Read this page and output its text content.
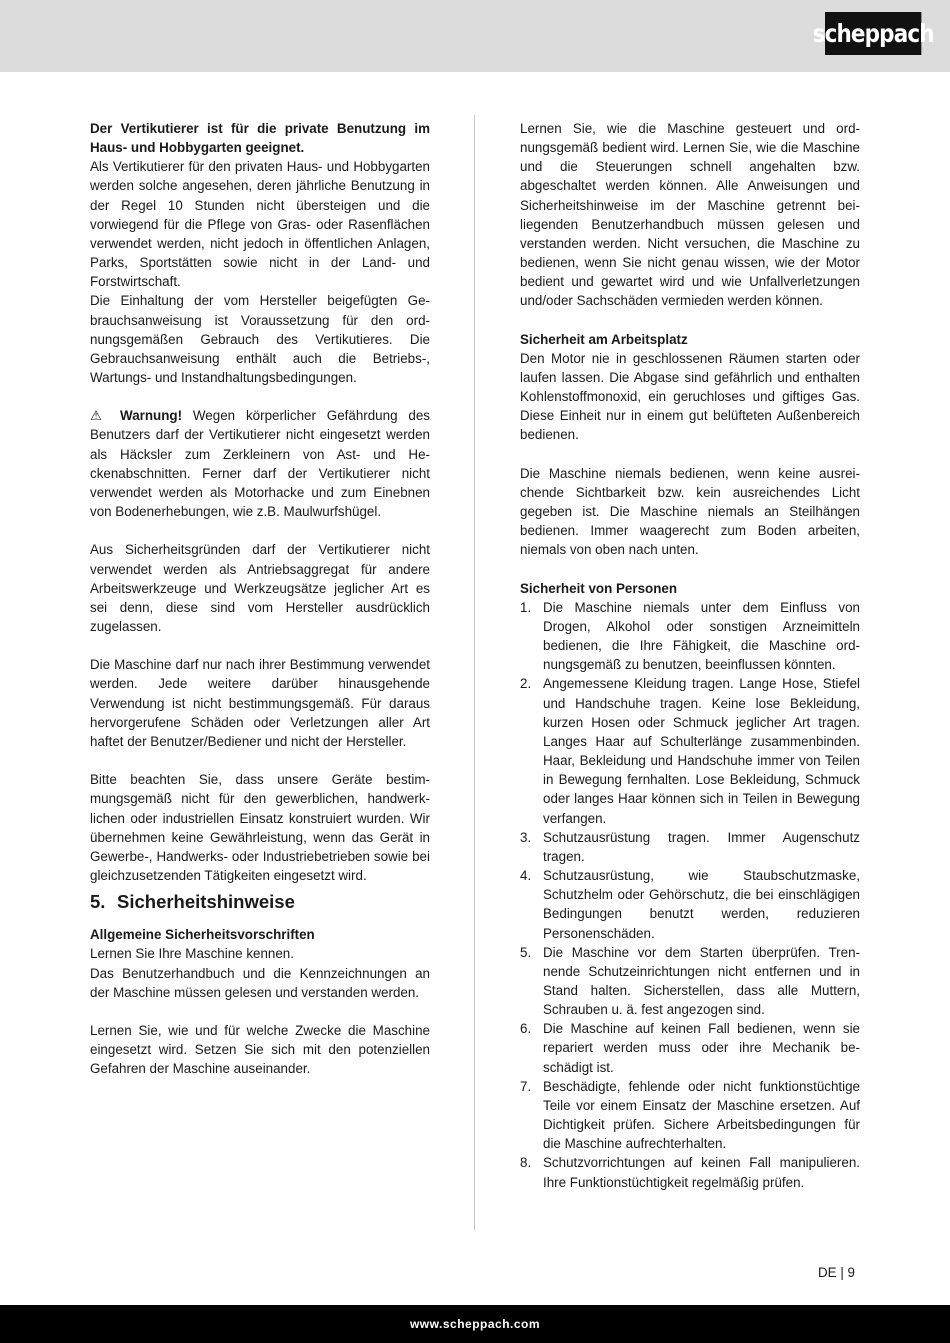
scheppach

Der Vertikutierer ist für die private Benutzung im Haus- und Hobbygarten geeignet.

Als Vertikutierer für den privaten Haus- und Hobbygarten werden solche angesehen, deren jährliche Benutzung in der Regel 10 Stunden nicht übersteigen und die vorwiegend für die Pflege von Gras- oder Rasenflächen verwendet werden, nicht jedoch in öffentlichen Anlagen, Parks, Sportstätten sowie nicht in der Land- und Forstwirtschaft.

Die Einhaltung der vom Hersteller beigefügten Gebrauchsanweisung ist Voraussetzung für den ordnungsgemäßen Gebrauch des Vertikutieres. Die Gebrauchsanweisung enthält auch die Betriebs-, Wartungs- und Instandhaltungsbedingungen.

⚠ Warnung! Wegen körperlicher Gefährdung des Benutzers darf der Vertikutierer nicht eingesetzt werden als Häcksler zum Zerkleinern von Ast- und Heckenabschnitten. Ferner darf der Vertikutierer nicht verwendet werden als Motorhacke und zum Einebnen von Bodenerhebungen, wie z.B. Maulwurfshügel.

Aus Sicherheitsgründen darf der Vertikutierer nicht verwendet werden als Antriebsaggregat für andere Arbeitswerkzeuge und Werkzeugsätze jeglicher Art es sei denn, diese sind vom Hersteller ausdrücklich zugelassen.

Die Maschine darf nur nach ihrer Bestimmung verwendet werden. Jede weitere darüber hinausgehende Verwendung ist nicht bestimmungsgemäß. Für daraus hervorgerufene Schäden oder Verletzungen aller Art haftet der Benutzer/Bediener und nicht der Hersteller.

Bitte beachten Sie, dass unsere Geräte bestimmungsgemäß nicht für den gewerblichen, handwerklichen oder industriellen Einsatz konstruiert wurden. Wir übernehmen keine Gewährleistung, wenn das Gerät in Gewerbe-, Handwerks- oder Industriebetrieben sowie bei gleichzusetzenden Tätigkeiten eingesetzt wird.

5. Sicherheitshinweise

Allgemeine Sicherheitsvorschriften

Lernen Sie Ihre Maschine kennen.

Das Benutzerhandbuch und die Kennzeichnungen an der Maschine müssen gelesen und verstanden werden.

Lernen Sie, wie und für welche Zwecke die Maschine eingesetzt wird. Setzen Sie sich mit den potenziellen Gefahren der Maschine auseinander.

Lernen Sie, wie die Maschine gesteuert und ordnungsgemäß bedient wird. Lernen Sie, wie die Maschine und die Steuerungen schnell angehalten bzw. abgeschaltet werden können. Alle Anweisungen und Sicherheitshinweise im der Maschine getrennt beiliegenden Benutzerhandbuch müssen gelesen und verstanden werden. Nicht versuchen, die Maschine zu bedienen, wenn Sie nicht genau wissen, wie der Motor bedient und gewartet wird und wie Unfallverletzungen und/oder Sachschäden vermieden werden können.

Sicherheit am Arbeitsplatz

Den Motor nie in geschlossenen Räumen starten oder laufen lassen. Die Abgase sind gefährlich und enthalten Kohlenstoffmonoxid, ein geruchloses und giftiges Gas. Diese Einheit nur in einem gut belüfteten Außenbereich bedienen.

Die Maschine niemals bedienen, wenn keine ausreichende Sichtbarkeit bzw. kein ausreichendes Licht gegeben ist. Die Maschine niemals an Steilhängen bedienen. Immer waagerecht zum Boden arbeiten, niemals von oben nach unten.

Sicherheit von Personen

1. Die Maschine niemals unter dem Einfluss von Drogen, Alkohol oder sonstigen Arzneimitteln bedienen, die Ihre Fähigkeit, die Maschine ordnungsgemäß zu benutzen, beeinflussen könnten.
2. Angemessene Kleidung tragen. Lange Hose, Stiefel und Handschuhe tragen. Keine lose Bekleidung, kurzen Hosen oder Schmuck jeglicher Art tragen. Langes Haar auf Schulterlänge zusammenbinden. Haar, Bekleidung und Handschuhe immer von Teilen in Bewegung fernhalten. Lose Bekleidung, Schmuck oder langes Haar können sich in Teilen in Bewegung verfangen.
3. Schutzausrüstung tragen. Immer Augenschutz tragen.
4. Schutzausrüstung, wie Staubschutzmaske, Schutzhelm oder Gehörschutz, die bei einschlägigen Bedingungen benutzt werden, reduzieren Personenschäden.
5. Die Maschine vor dem Starten überprüfen. Trennende Schutzeinrichtungen nicht entfernen und in Stand halten. Sicherstellen, dass alle Muttern, Schrauben u. ä. fest angezogen sind.
6. Die Maschine auf keinen Fall bedienen, wenn sie repariert werden muss oder ihre Mechanik beschädigt ist.
7. Beschädigte, fehlende oder nicht funktionstüchtige Teile vor einem Einsatz der Maschine ersetzen. Auf Dichtigkeit prüfen. Sichere Arbeitsbedingungen für die Maschine aufrechterhalten.
8. Schutzvorrichtungen auf keinen Fall manipulieren. Ihre Funktionstüchtigkeit regelmäßig prüfen.
DE | 9
www.scheppach.com
